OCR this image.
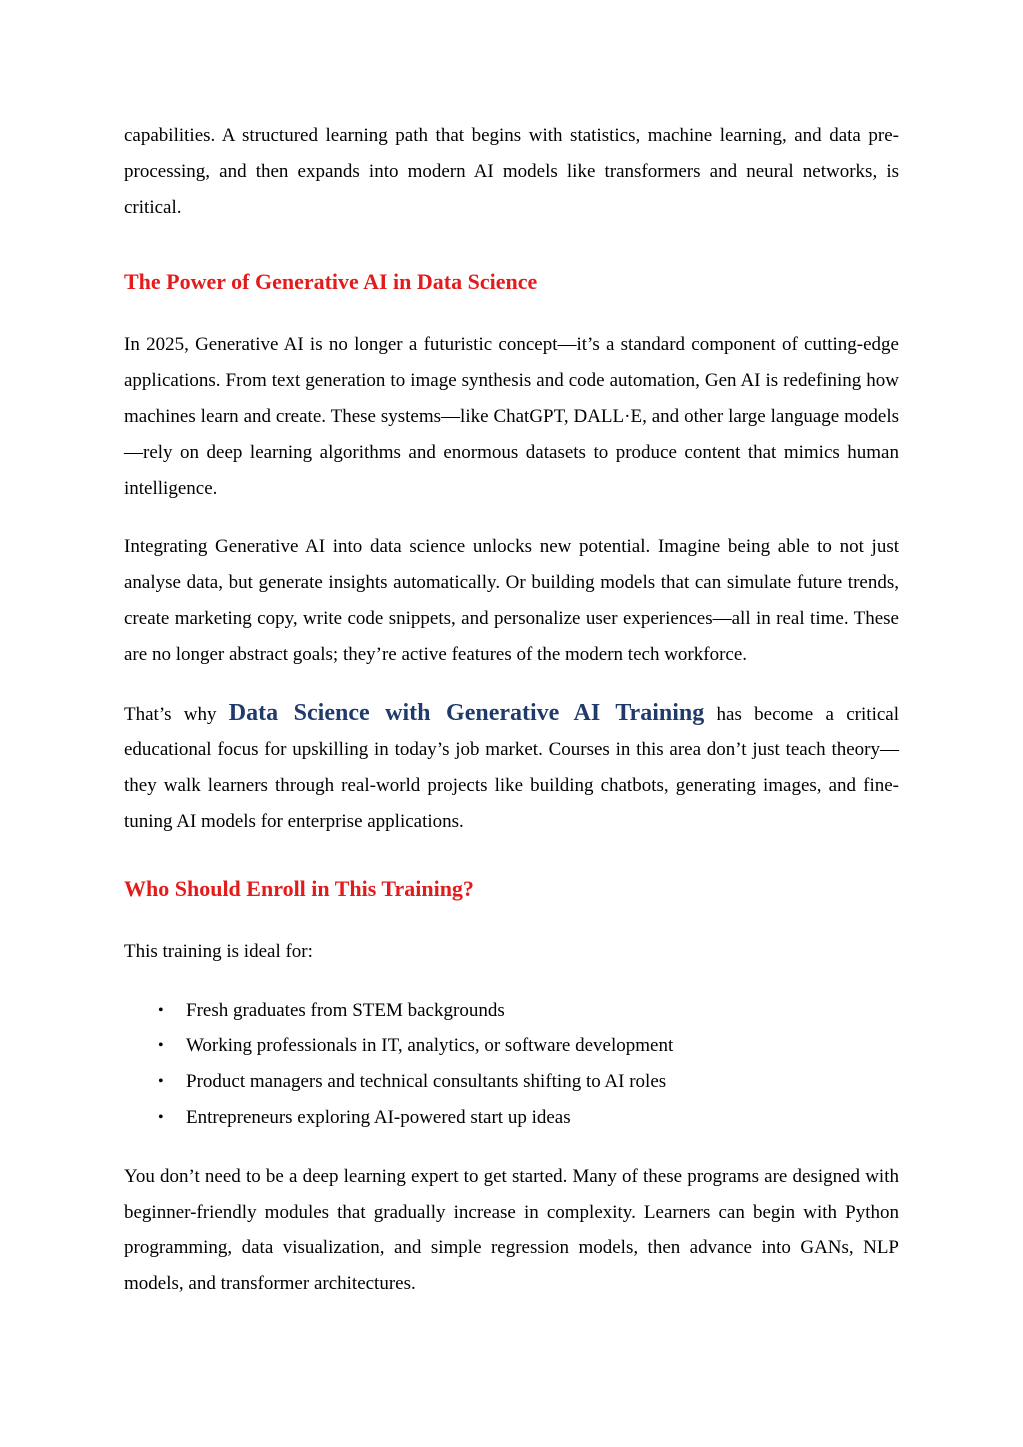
capabilities. A structured learning path that begins with statistics, machine learning, and data pre-processing, and then expands into modern AI models like transformers and neural networks, is critical.

The Power of Generative AI in Data Science

In 2025, Generative AI is no longer a futuristic concept—it’s a standard component of cutting-edge applications. From text generation to image synthesis and code automation, Gen AI is redefining how machines learn and create. These systems—like ChatGPT, DALL·E, and other large language models—rely on deep learning algorithms and enormous datasets to produce content that mimics human intelligence.

Integrating Generative AI into data science unlocks new potential. Imagine being able to not just analyse data, but generate insights automatically. Or building models that can simulate future trends, create marketing copy, write code snippets, and personalize user experiences—all in real time. These are no longer abstract goals; they’re active features of the modern tech workforce.

That’s why Data Science with Generative AI Training has become a critical educational focus for upskilling in today’s job market. Courses in this area don’t just teach theory—they walk learners through real-world projects like building chatbots, generating images, and fine-tuning AI models for enterprise applications.

Who Should Enroll in This Training?

This training is ideal for:

• Fresh graduates from STEM backgrounds
• Working professionals in IT, analytics, or software development
• Product managers and technical consultants shifting to AI roles
• Entrepreneurs exploring AI-powered start up ideas

You don’t need to be a deep learning expert to get started. Many of these programs are designed with beginner-friendly modules that gradually increase in complexity. Learners can begin with Python programming, data visualization, and simple regression models, then advance into GANs, NLP models, and transformer architectures.
